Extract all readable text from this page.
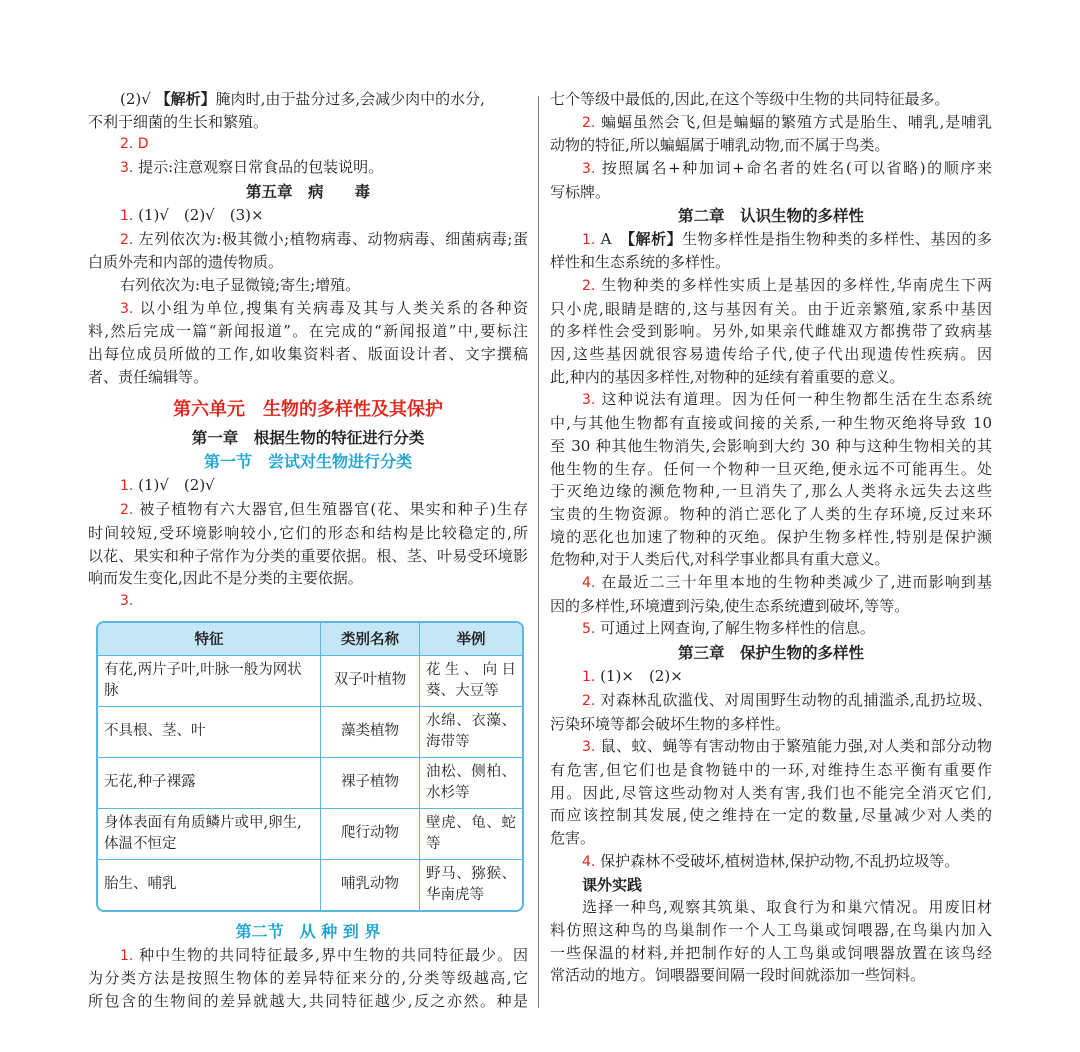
(2)√ 【解析】腌肉时,由于盐分过多,会减少肉中的水分,
不利于细菌的生长和繁殖。
2. D
3. 提示:注意观察日常食品的包装说明。
第五章　病　　毒
1. (1)√　(2)√　(3)×
2. 左列依次为:极其微小;植物病毒、动物病毒、细菌病毒;蛋
白质外壳和内部的遗传物质。
右列依次为:电子显微镜;寄生;增殖。
3. 以小组为单位,搜集有关病毒及其与人类关系的各种资
料,然后完成一篇“新闻报道”。在完成的“新闻报道”中,要标注
出每位成员所做的工作,如收集资料者、版面设计者、文字撰稿
者、责任编辑等。
第六单元　生物的多样性及其保护
第一章　根据生物的特征进行分类
第一节　尝试对生物进行分类
1. (1)√　(2)√
2. 被子植物有六大器官,但生殖器官(花、果实和种子)生存
时间较短,受环境影响较小,它们的形态和结构是比较稳定的,所
以花、果实和种子常作为分类的重要依据。根、茎、叶易受环境影
响而发生变化,因此不是分类的主要依据。
3.
特征	类别名称	举例
有花,两片子叶,叶脉一般为网状脉	双子叶植物	花生、向日葵、大豆等
不具根、茎、叶	藻类植物	水绵、衣藻、海带等
无花,种子裸露	裸子植物	油松、侧柏、水杉等
身体表面有角质鳞片或甲,卵生,体温不恒定	爬行动物	壁虎、龟、蛇等
胎生、哺乳	哺乳动物	野马、猕猴、华南虎等
第二节　从 种 到 界
1. 种中生物的共同特征最多,界中生物的共同特征最少。因
为分类方法是按照生物体的差异特征来分的,分类等级越高,它
所包含的生物间的差异就越大,共同特征越少,反之亦然。种是
七个等级中最低的,因此,在这个等级中生物的共同特征最多。
2. 蝙蝠虽然会飞,但是蝙蝠的繁殖方式是胎生、哺乳,是哺乳
动物的特征,所以蝙蝠属于哺乳动物,而不属于鸟类。
3. 按照属名+种加词+命名者的姓名(可以省略)的顺序来
写标牌。
第二章　认识生物的多样性
1. A　【解析】生物多样性是指生物种类的多样性、基因的多
样性和生态系统的多样性。
2. 生物种类的多样性实质上是基因的多样性,华南虎生下两
只小虎,眼睛是瞎的,这与基因有关。由于近亲繁殖,家系中基因
的多样性会受到影响。另外,如果亲代雌雄双方都携带了致病基
因,这些基因就很容易遗传给子代,使子代出现遗传性疾病。因
此,种内的基因多样性,对物种的延续有着重要的意义。
3. 这种说法有道理。因为任何一种生物都生活在生态系统
中,与其他生物都有直接或间接的关系,一种生物灭绝将导致 10
至 30 种其他生物消失,会影响到大约 30 种与这种生物相关的其
他生物的生存。任何一个物种一旦灭绝,便永远不可能再生。处
于灭绝边缘的濒危物种,一旦消失了,那么人类将永远失去这些
宝贵的生物资源。物种的消亡恶化了人类的生存环境,反过来环
境的恶化也加速了物种的灭绝。保护生物多样性,特别是保护濒
危物种,对于人类后代,对科学事业都具有重大意义。
4. 在最近二三十年里本地的生物种类减少了,进而影响到基
因的多样性,环境遭到污染,使生态系统遭到破坏,等等。
5. 可通过上网查询,了解生物多样性的信息。
第三章　保护生物的多样性
1. (1)×　(2)×
2. 对森林乱砍滥伐、对周围野生动物的乱捕滥杀,乱扔垃圾、
污染环境等都会破坏生物的多样性。
3. 鼠、蚊、蝇等有害动物由于繁殖能力强,对人类和部分动物
有危害,但它们也是食物链中的一环,对维持生态平衡有重要作
用。因此,尽管这些动物对人类有害,我们也不能完全消灭它们,
而应该控制其发展,使之维持在一定的数量,尽量减少对人类的
危害。
4. 保护森林不受破坏,植树造林,保护动物,不乱扔垃圾等。
课外实践
选择一种鸟,观察其筑巢、取食行为和巢穴情况。用废旧材
料仿照这种鸟的鸟巢制作一个人工鸟巢或饲喂器,在鸟巢内加入
一些保温的材料,并把制作好的人工鸟巢或饲喂器放置在该鸟经
常活动的地方。饲喂器要间隔一段时间就添加一些饲料。
